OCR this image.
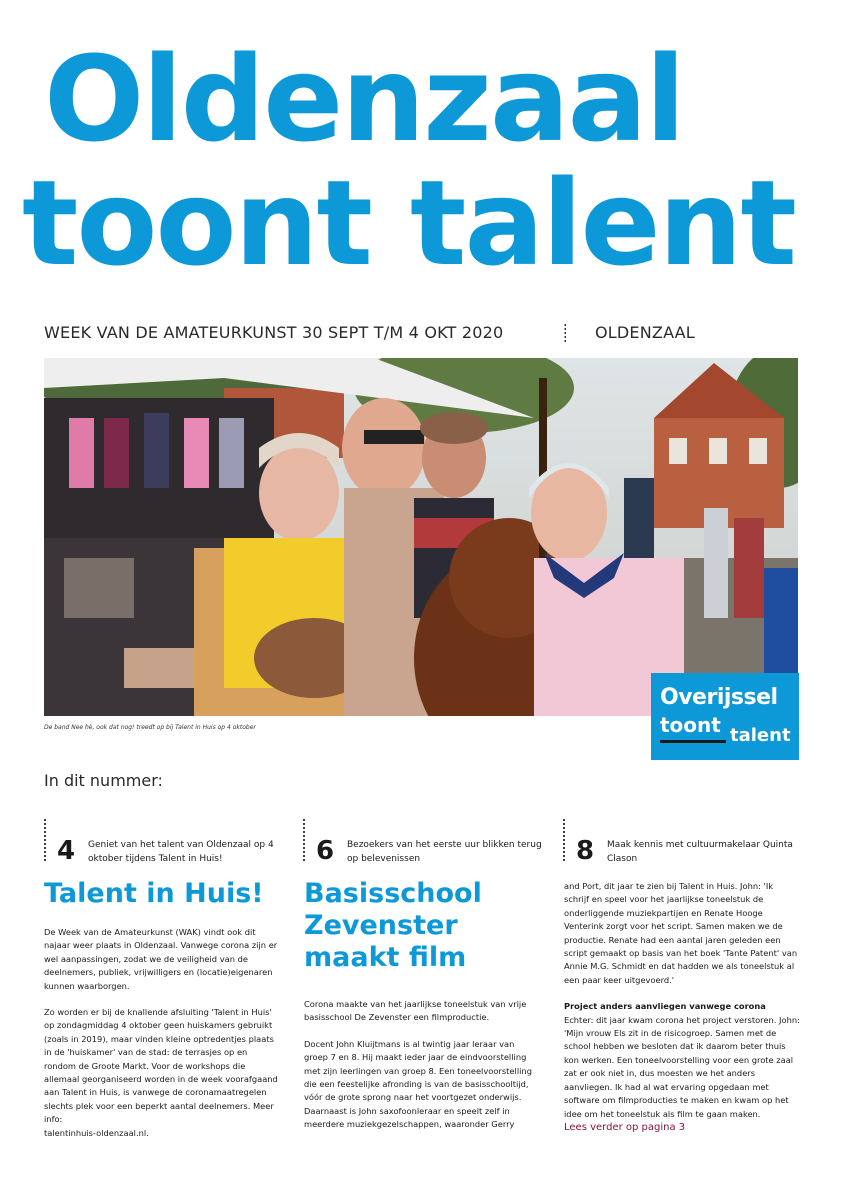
Oldenzaal
toont talent
WEEK VAN DE AMATEURKUNST 30 SEPT T/M 4 OKT 2020	OLDENZAAL
De band Nee hè, ook dat nog! treedt op bij Talent in Huis op 4 oktober
Overijssel
toont talent
In dit nummer:
4 Geniet van het talent van Oldenzaal op 4 oktober tijdens Talent in Huis!	6 Bezoekers van het eerste uur blikken terug op belevenissen	8 Maak kennis met cultuurmakelaar Quinta Clason
Talent in Huis!

De Week van de Amateurkunst (WAK) vindt ook dit najaar weer plaats in Oldenzaal. Vanwege corona zijn er wel aanpassingen, zodat we de veiligheid van de deelnemers, publiek, vrijwilligers en (locatie)eigenaren kunnen waarborgen.

Zo worden er bij de knallende afsluiting 'Talent in Huis' op zondagmiddag 4 oktober geen huiskamers gebruikt (zoals in 2019), maar vinden kleine optredentjes plaats in de 'huiskamer' van de stad: de terrasjes op en rondom de Groote Markt. Voor de workshops die allemaal georganiseerd worden in de week voorafgaand aan Talent in Huis, is vanwege de coronamaatregelen slechts plek voor een beperkt aantal deelnemers. Meer info:
talentinhuis-oldenzaal.nl.

Basisschool Zevenster maakt film

Corona maakte van het jaarlijkse toneelstuk van vrije basisschool De Zevenster een filmproductie.

Docent John Kluijtmans is al twintig jaar leraar van groep 7 en 8. Hij maakt ieder jaar de eindvoorstelling met zijn leerlingen van groep 8. Een toneelvoorstelling die een feestelijke afronding is van de basisschooltijd, vóór de grote sprong naar het voortgezet onderwijs. Daarnaast is John saxofoonleraar en speelt zelf in meerdere muziekgezelschappen, waaronder Gerry

and Port, dit jaar te zien bij Talent in Huis. John: 'Ik schrijf en speel voor het jaarlijkse toneelstuk de onderliggende muziekpartijen en Renate Hooge Venterink zorgt voor het script. Samen maken we de productie. Renate had een aantal jaren geleden een script gemaakt op basis van het boek 'Tante Patent' van Annie M.G. Schmidt en dat hadden we als toneelstuk al een paar keer uitgevoerd.'

Project anders aanvliegen vanwege corona
Echter: dit jaar kwam corona het project verstoren. John: 'Mijn vrouw Els zit in de risicogroep. Samen met de school hebben we besloten dat ik daarom beter thuis kon werken. Een toneelvoorstelling voor een grote zaal zat er ook niet in, dus moesten we het anders aanvliegen. Ik had al wat ervaring opgedaan met software om filmproducties te maken en kwam op het idee om het toneelstuk als film te gaan maken.
Lees verder op pagina 3
